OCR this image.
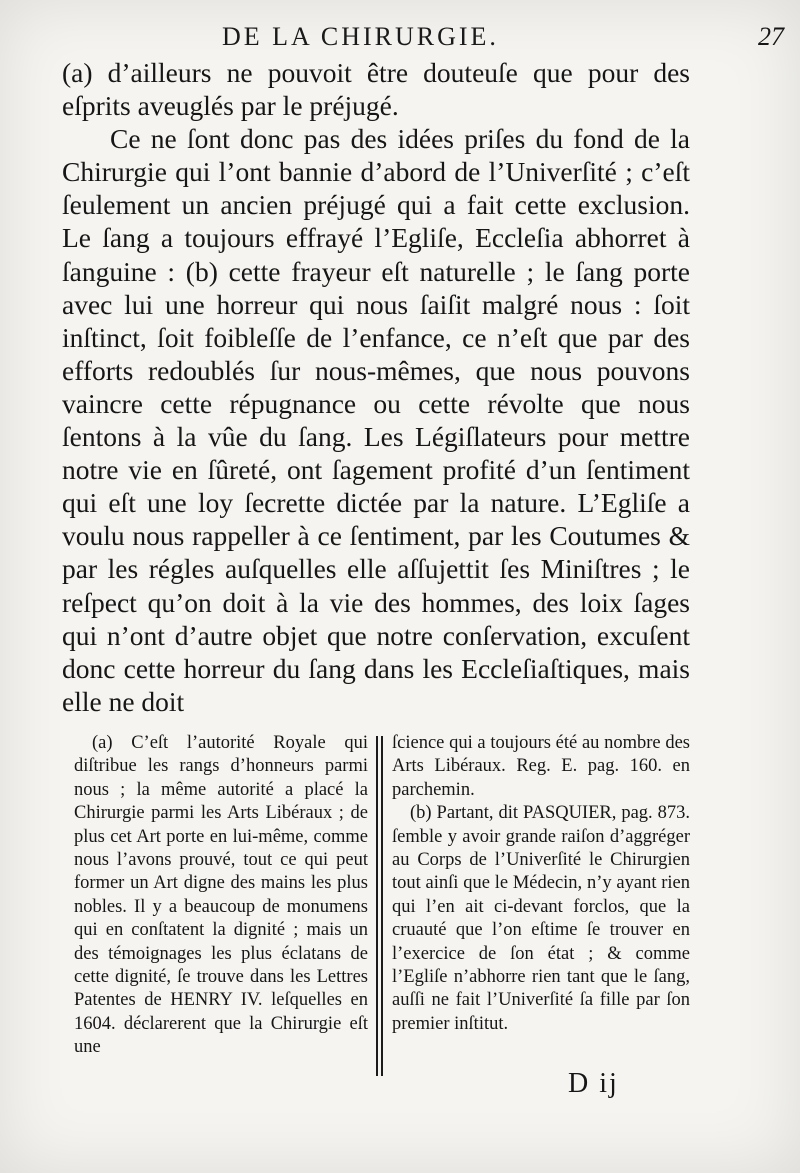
DE LA CHIRURGIE.	27

(a) d’ailleurs ne pouvoit être douteuſe que pour des eſprits aveuglés par le préjugé.

Ce ne ſont donc pas des idées priſes du fond de la Chirurgie qui l’ont bannie d’abord de l’Univerſité ; c’eſt ſeulement un ancien préjugé qui a fait cette exclusion. Le ſang a toujours effrayé l’Egliſe, Eccleſia abhorret à ſanguine : (b) cette frayeur eſt naturelle ; le ſang porte avec lui une horreur qui nous ſaiſit malgré nous : ſoit inſtinct, ſoit foibleſſe de l’enfance, ce n’eſt que par des efforts redoublés ſur nous-mêmes, que nous pouvons vaincre cette répugnance ou cette révolte que nous ſentons à la vûe du ſang. Les Légiſlateurs pour mettre notre vie en ſûreté, ont ſagement profité d’un ſentiment qui eſt une loy ſecrette dictée par la nature. L’Egliſe a voulu nous rappeller à ce ſentiment, par les Coutumes & par les régles auſquelles elle aſſujettit ſes Miniſtres ; le reſpect qu’on doit à la vie des hommes, des loix ſages qui n’ont d’autre objet que notre conſervation, excuſent donc cette horreur du ſang dans les Eccleſiaſtiques, mais elle ne doit

(a) C’eſt l’autorité Royale qui diſtribue les rangs d’honneurs parmi nous ; la même autorité a placé la Chirurgie parmi les Arts Libéraux ; de plus cet Art porte en lui-même, comme nous l’avons prouvé, tout ce qui peut former un Art digne des mains les plus nobles. Il y a beaucoup de monumens qui en conſtatent la dignité ; mais un des témoignages les plus éclatans de cette dignité, ſe trouve dans les Lettres Patentes de HENRY IV. leſquelles en 1604. déclarerent que la Chirurgie eſt une

ſcience qui a toujours été au nombre des Arts Libéraux. Reg. E. pag. 160. en parchemin.

(b) Partant, dit PASQUIER, pag. 873. ſemble y avoir grande raiſon d’aggréger au Corps de l’Univerſité le Chirurgien tout ainſi que le Médecin, n’y ayant rien qui l’en ait ci-devant forclos, que la cruauté que l’on eſtime ſe trouver en l’exercice de ſon état ; & comme l’Egliſe n’abhorre rien tant que le ſang, auſſi ne fait l’Univerſité ſa fille par ſon premier inſtitut.

D ij
